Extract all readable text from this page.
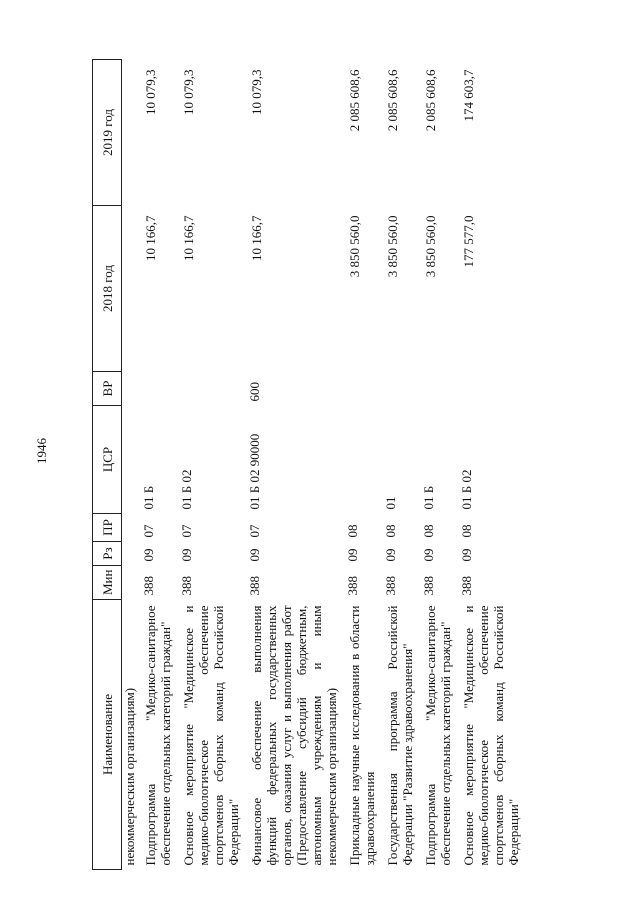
1946
Наименование	Мин	Рз	ПР	ЦСР	ВР	2018 год	2019 год
некоммерческим организациям)							
Подпрограмма "Медико-санитарное обеспечение отдельных категорий граждан"	388	09	07	01 Б		10 166,7	10 079,3
Основное мероприятие "Медицинское и медико-биологическое обеспечение спортсменов сборных команд Российской Федерации"	388	09	07	01 Б 02		10 166,7	10 079,3
Финансовое обеспечение выполнения функций федеральных государственных органов, оказания услуг и выполнения работ (Предоставление субсидий бюджетным, автономным учреждениям и иным некоммерческим организациям)	388	09	07	01 Б 02 90000	600	10 166,7	10 079,3
Прикладные научные исследования в области здравоохранения	388	09	08			3 850 560,0	2 085 608,6
Государственная программа Российской Федерации "Развитие здравоохранения"	388	09	08	01		3 850 560,0	2 085 608,6
Подпрограмма "Медико-санитарное обеспечение отдельных категорий граждан"	388	09	08	01 Б		3 850 560,0	2 085 608,6
Основное мероприятие "Медицинское и медико-биологическое обеспечение спортсменов сборных команд Российской Федерации"	388	09	08	01 Б 02		177 577,0	174 603,7
